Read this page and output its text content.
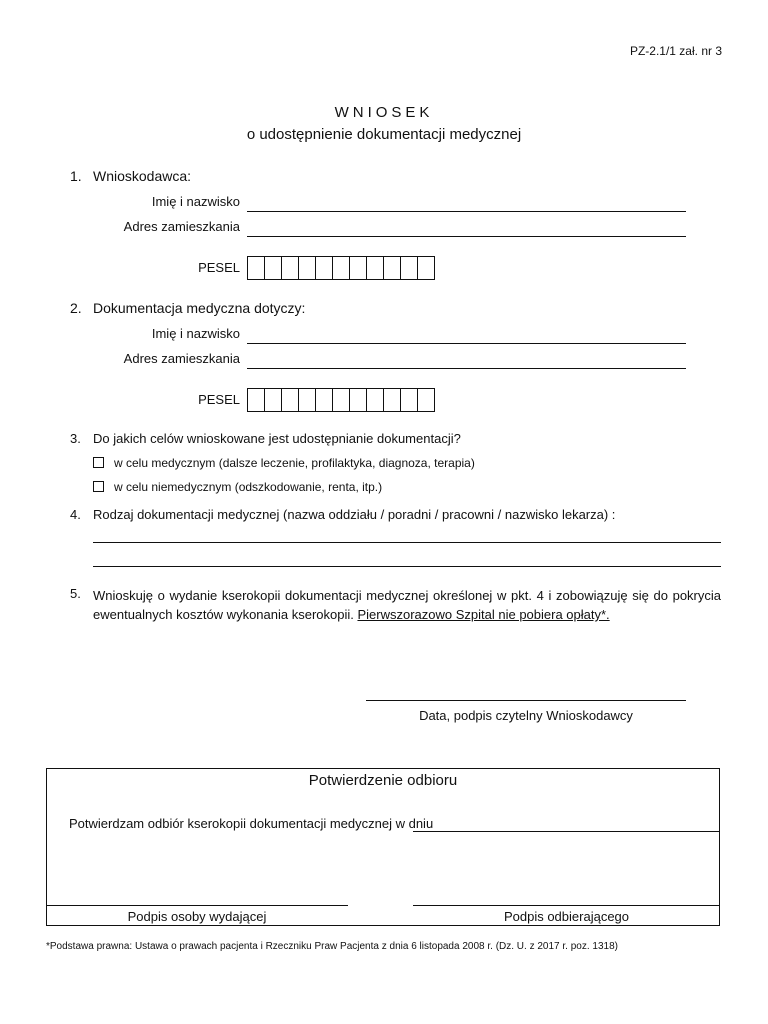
PZ-2.1/1 zał. nr 3
WNIOSEK
o udostępnienie dokumentacji medycznej
1. Wnioskodawca:
Imię i nazwisko
Adres zamieszkania
PESEL
2. Dokumentacja medyczna dotyczy:
Imię i nazwisko
Adres zamieszkania
PESEL
3. Do jakich celów wnioskowane jest udostępnianie dokumentacji?
w celu medycznym (dalsze leczenie, profilaktyka, diagnoza, terapia)
w celu niemedycznym (odszkodowanie, renta, itp.)
4. Rodzaj dokumentacji medycznej (nazwa oddziału / poradni / pracowni / nazwisko lekarza) :
5. Wnioskuję o wydanie kserokopii dokumentacji medycznej określonej w pkt. 4 i zobowiązuję się do pokrycia ewentualnych kosztów wykonania kserokopii. Pierwszorazowo Szpital nie pobiera opłaty*.
Data, podpis czytelny Wnioskodawcy
Potwierdzenie odbioru
Potwierdzam odbiór kserokopii dokumentacji medycznej w dniu
Podpis osoby wydającej	Podpis odbierającego
*Podstawa prawna: Ustawa o prawach pacjenta i Rzeczniku Praw Pacjenta z dnia 6 listopada 2008 r. (Dz. U. z 2017 r. poz. 1318)
